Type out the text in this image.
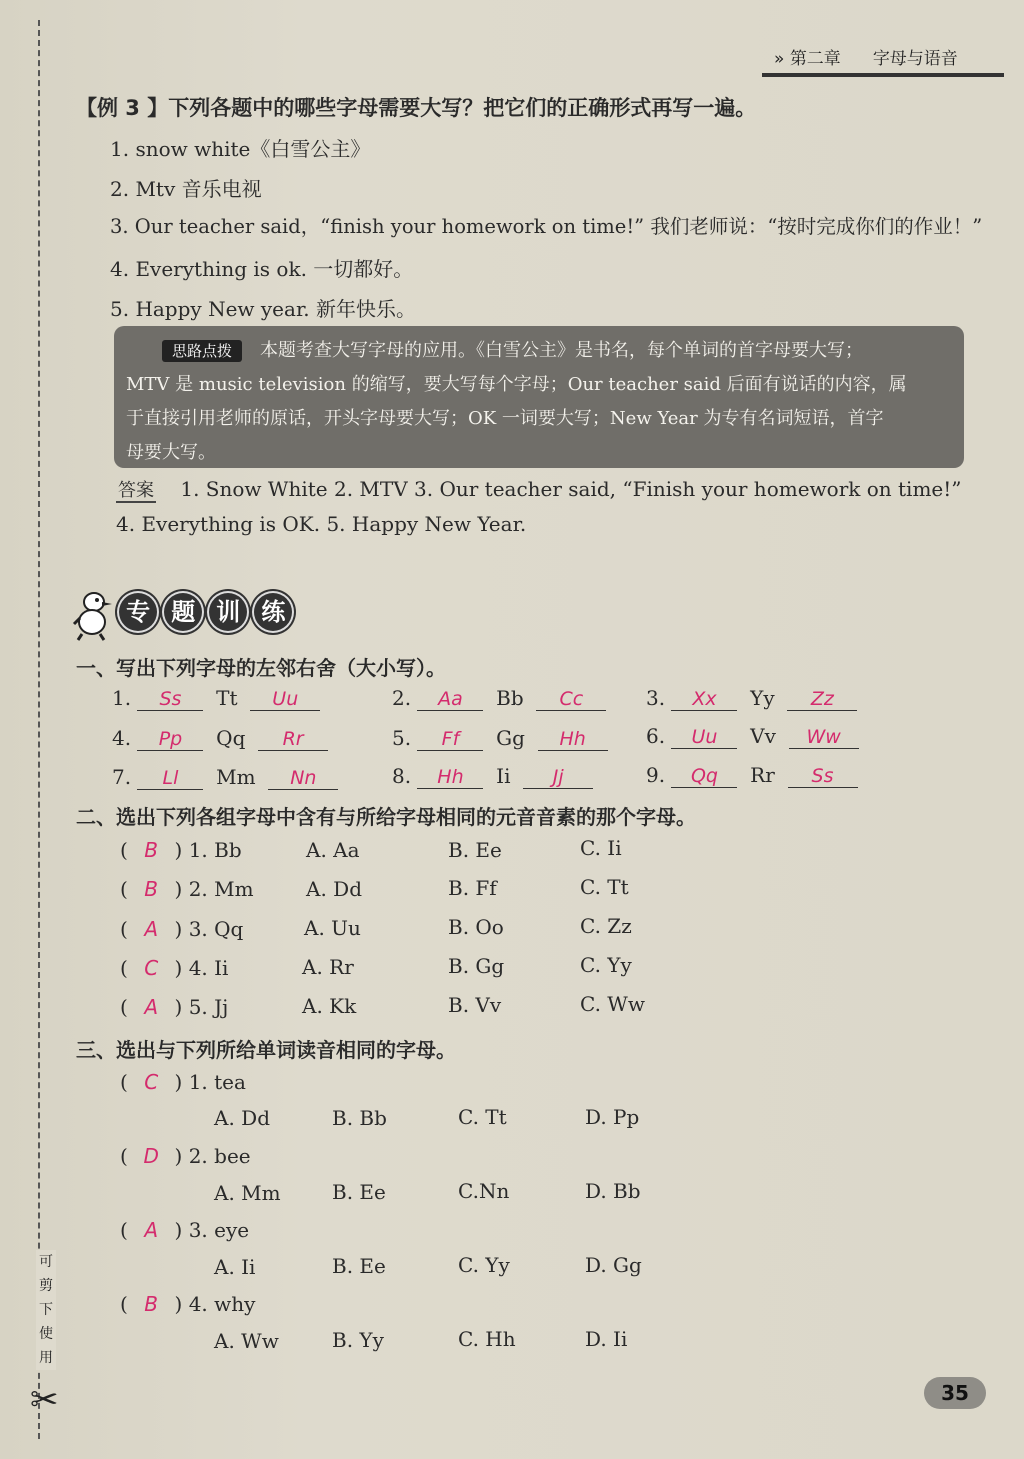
可
剪
下
使
用
✂
» 第二章 字母与语音
【例 3 】下列各题中的哪些字母需要大写？把它们的正确形式再写一遍。
1. snow white《白雪公主》
2. Mtv 音乐电视
3. Our teacher said，“finish your homework on time!” 我们老师说：“按时完成你们的作业！”
4. Everything is ok. 一切都好。
5. Happy New year. 新年快乐。
思路点拨 本题考查大写字母的应用。《白雪公主》是书名，每个单词的首字母要大写；
MTV 是 music television 的缩写，要大写每个字母；Our teacher said 后面有说话的内容，属
于直接引用老师的原话，开头字母要大写；OK 一词要大写；New Year 为专有名词短语，首字
母要大写。
答案 1. Snow White 2. MTV 3. Our teacher said, “Finish your homework on time!”
4. Everything is OK. 5. Happy New Year.
专 题 训 练
一、写出下列字母的左邻右舍（大小写）。
1. Ss Tt Uu	2. Aa Bb Cc	3. Xx Yy Zz
4. Pp Qq Rr	5. Ff Gg Hh	6. Uu Vv Ww
7. Ll Mm Nn	8. Hh Ii Jj	9. Qq Rr Ss
二、选出下列各组字母中含有与所给字母相同的元音音素的那个字母。
( B ) 1. Bb	A. Aa	B. Ee	C. Ii
( B ) 2. Mm	A. Dd	B. Ff	C. Tt
( A ) 3. Qq	A. Uu	B. Oo	C. Zz
( C ) 4. Ii	A. Rr	B. Gg	C. Yy
( A ) 5. Jj	A. Kk	B. Vv	C. Ww
三、选出与下列所给单词读音相同的字母。
( C ) 1. tea
A. Dd	B. Bb	C. Tt	D. Pp
( D ) 2. bee
A. Mm	B. Ee	C.Nn	D. Bb
( A ) 3. eye
A. Ii	B. Ee	C. Yy	D. Gg
( B ) 4. why
A. Ww	B. Yy	C. Hh	D. Ii
35
